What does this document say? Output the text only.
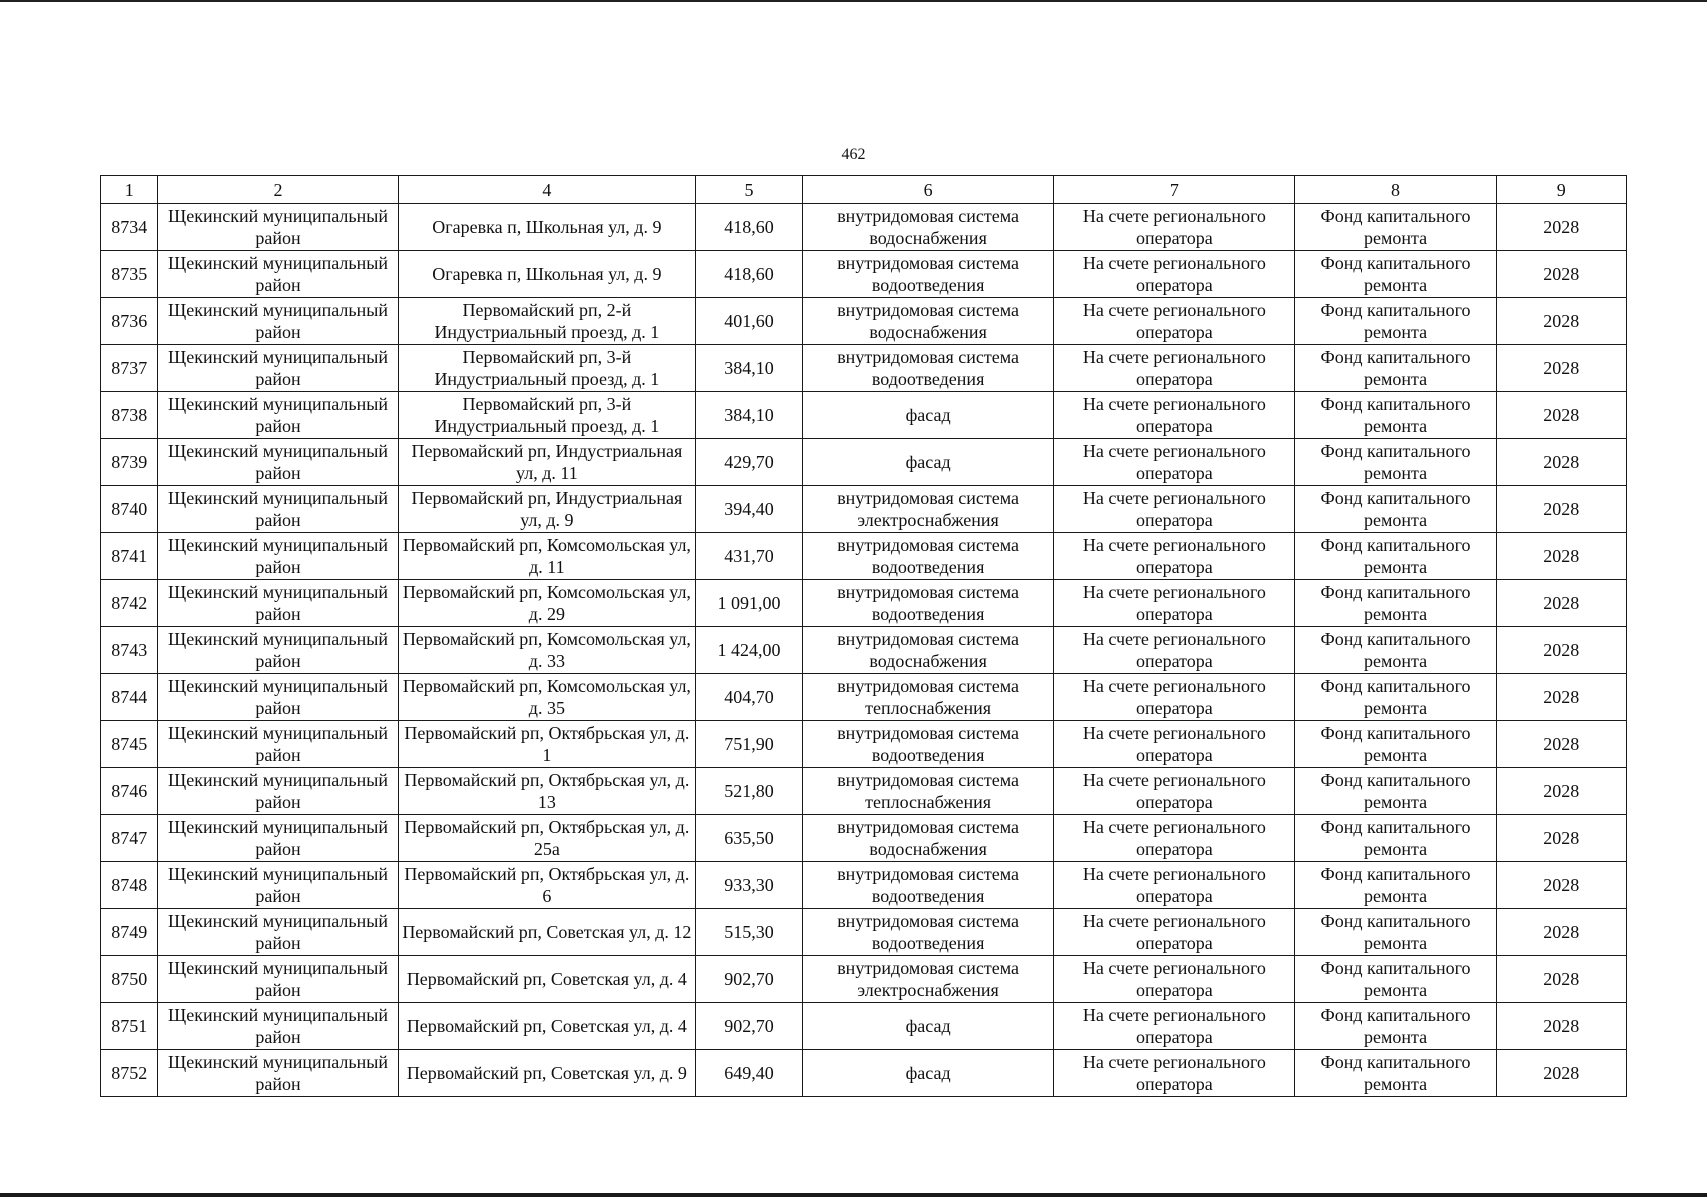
462
1	2	4	5	6	7	8	9
8734	Щекинский муниципальный район	Огаревка п, Школьная ул, д. 9	418,60	внутридомовая система водоснабжения	На счете регионального оператора	Фонд капитального ремонта	2028
8735	Щекинский муниципальный район	Огаревка п, Школьная ул, д. 9	418,60	внутридомовая система водоотведения	На счете регионального оператора	Фонд капитального ремонта	2028
8736	Щекинский муниципальный район	Первомайский рп, 2-й Индустриальный проезд, д. 1	401,60	внутридомовая система водоснабжения	На счете регионального оператора	Фонд капитального ремонта	2028
8737	Щекинский муниципальный район	Первомайский рп, 3-й Индустриальный проезд, д. 1	384,10	внутридомовая система водоотведения	На счете регионального оператора	Фонд капитального ремонта	2028
8738	Щекинский муниципальный район	Первомайский рп, 3-й Индустриальный проезд, д. 1	384,10	фасад	На счете регионального оператора	Фонд капитального ремонта	2028
8739	Щекинский муниципальный район	Первомайский рп, Индустриальная ул, д. 11	429,70	фасад	На счете регионального оператора	Фонд капитального ремонта	2028
8740	Щекинский муниципальный район	Первомайский рп, Индустриальная ул, д. 9	394,40	внутридомовая система электроснабжения	На счете регионального оператора	Фонд капитального ремонта	2028
8741	Щекинский муниципальный район	Первомайский рп, Комсомольская ул, д. 11	431,70	внутридомовая система водоотведения	На счете регионального оператора	Фонд капитального ремонта	2028
8742	Щекинский муниципальный район	Первомайский рп, Комсомольская ул, д. 29	1 091,00	внутридомовая система водоотведения	На счете регионального оператора	Фонд капитального ремонта	2028
8743	Щекинский муниципальный район	Первомайский рп, Комсомольская ул, д. 33	1 424,00	внутридомовая система водоснабжения	На счете регионального оператора	Фонд капитального ремонта	2028
8744	Щекинский муниципальный район	Первомайский рп, Комсомольская ул, д. 35	404,70	внутридомовая система теплоснабжения	На счете регионального оператора	Фонд капитального ремонта	2028
8745	Щекинский муниципальный район	Первомайский рп, Октябрьская ул, д. 1	751,90	внутридомовая система водоотведения	На счете регионального оператора	Фонд капитального ремонта	2028
8746	Щекинский муниципальный район	Первомайский рп, Октябрьская ул, д. 13	521,80	внутридомовая система теплоснабжения	На счете регионального оператора	Фонд капитального ремонта	2028
8747	Щекинский муниципальный район	Первомайский рп, Октябрьская ул, д. 25а	635,50	внутридомовая система водоснабжения	На счете регионального оператора	Фонд капитального ремонта	2028
8748	Щекинский муниципальный район	Первомайский рп, Октябрьская ул, д. 6	933,30	внутридомовая система водоотведения	На счете регионального оператора	Фонд капитального ремонта	2028
8749	Щекинский муниципальный район	Первомайский рп, Советская ул, д. 12	515,30	внутридомовая система водоотведения	На счете регионального оператора	Фонд капитального ремонта	2028
8750	Щекинский муниципальный район	Первомайский рп, Советская ул, д. 4	902,70	внутридомовая система электроснабжения	На счете регионального оператора	Фонд капитального ремонта	2028
8751	Щекинский муниципальный район	Первомайский рп, Советская ул, д. 4	902,70	фасад	На счете регионального оператора	Фонд капитального ремонта	2028
8752	Щекинский муниципальный район	Первомайский рп, Советская ул, д. 9	649,40	фасад	На счете регионального оператора	Фонд капитального ремонта	2028
